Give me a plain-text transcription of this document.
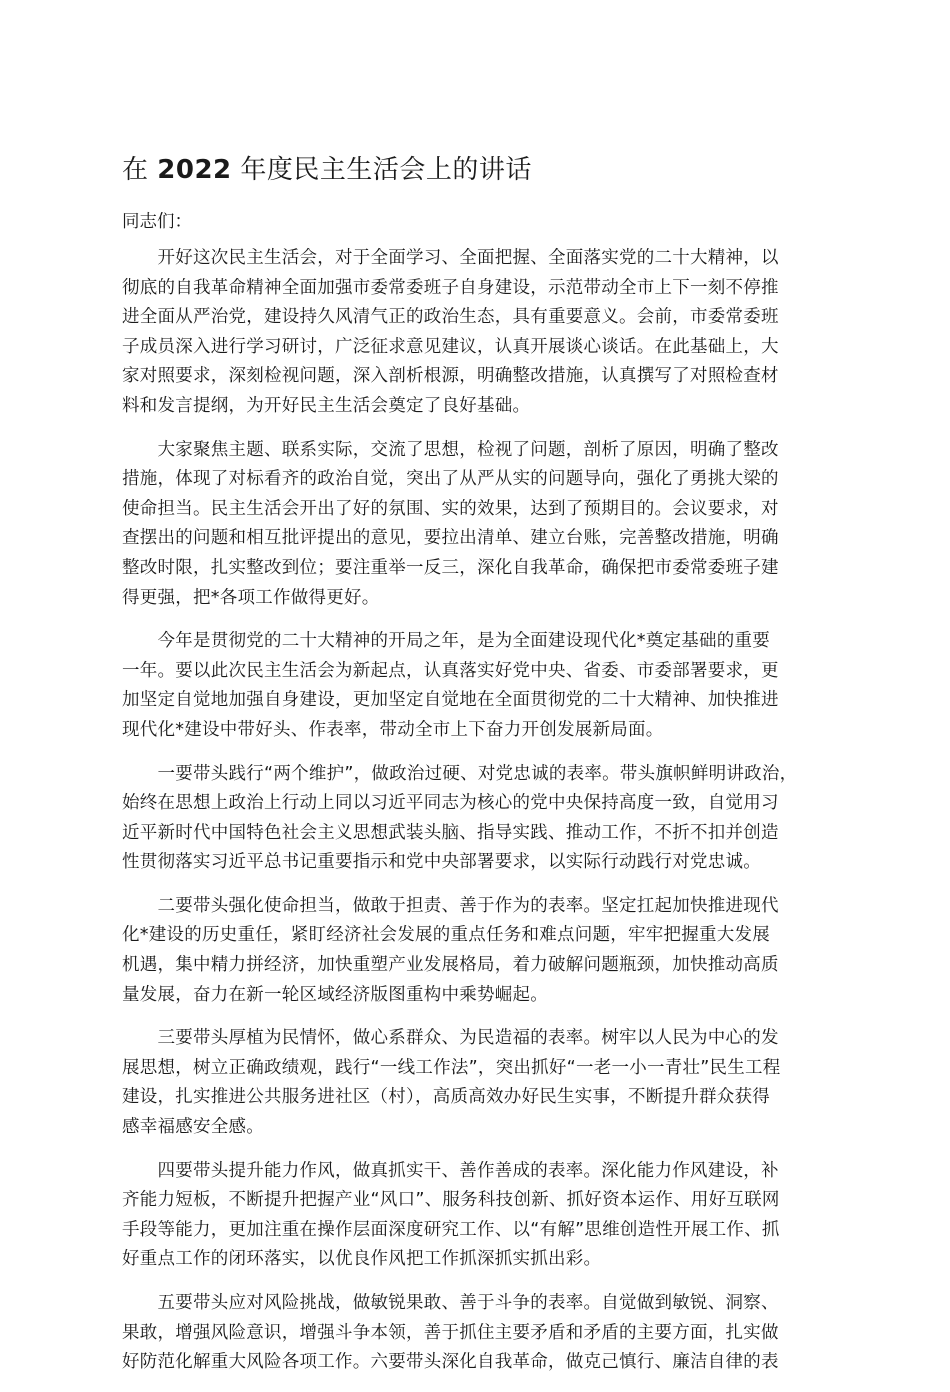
在 2022 年度民主生活会上的讲话

同志们：

　　开好这次民主生活会，对于全面学习、全面把握、全面落实党的二十大精神，以
彻底的自我革命精神全面加强市委常委班子自身建设，示范带动全市上下一刻不停推
进全面从严治党，建设持久风清气正的政治生态，具有重要意义。会前，市委常委班
子成员深入进行学习研讨，广泛征求意见建议，认真开展谈心谈话。在此基础上，大
家对照要求，深刻检视问题，深入剖析根源，明确整改措施，认真撰写了对照检查材
料和发言提纲，为开好民主生活会奠定了良好基础。

　　大家聚焦主题、联系实际，交流了思想，检视了问题，剖析了原因，明确了整改
措施，体现了对标看齐的政治自觉，突出了从严从实的问题导向，强化了勇挑大梁的
使命担当。民主生活会开出了好的氛围、实的效果，达到了预期目的。会议要求，对
查摆出的问题和相互批评提出的意见，要拉出清单、建立台账，完善整改措施，明确
整改时限，扎实整改到位；要注重举一反三，深化自我革命，确保把市委常委班子建
得更强，把*各项工作做得更好。

　　今年是贯彻党的二十大精神的开局之年，是为全面建设现代化*奠定基础的重要
一年。要以此次民主生活会为新起点，认真落实好党中央、省委、市委部署要求，更
加坚定自觉地加强自身建设，更加坚定自觉地在全面贯彻党的二十大精神、加快推进
现代化*建设中带好头、作表率，带动全市上下奋力开创发展新局面。

　　一要带头践行“两个维护”，做政治过硬、对党忠诚的表率。带头旗帜鲜明讲政治，
始终在思想上政治上行动上同以习近平同志为核心的党中央保持高度一致，自觉用习
近平新时代中国特色社会主义思想武装头脑、指导实践、推动工作，不折不扣并创造
性贯彻落实习近平总书记重要指示和党中央部署要求，以实际行动践行对党忠诚。

　　二要带头强化使命担当，做敢于担责、善于作为的表率。坚定扛起加快推进现代
化*建设的历史重任，紧盯经济社会发展的重点任务和难点问题，牢牢把握重大发展
机遇，集中精力拼经济，加快重塑产业发展格局，着力破解问题瓶颈，加快推动高质
量发展，奋力在新一轮区域经济版图重构中乘势崛起。

　　三要带头厚植为民情怀，做心系群众、为民造福的表率。树牢以人民为中心的发
展思想，树立正确政绩观，践行“一线工作法”，突出抓好“一老一小一青壮”民生工程
建设，扎实推进公共服务进社区（村），高质高效办好民生实事，不断提升群众获得
感幸福感安全感。

　　四要带头提升能力作风，做真抓实干、善作善成的表率。深化能力作风建设，补
齐能力短板，不断提升把握产业“风口”、服务科技创新、抓好资本运作、用好互联网
手段等能力，更加注重在操作层面深度研究工作、以“有解”思维创造性开展工作、抓
好重点工作的闭环落实，以优良作风把工作抓深抓实抓出彩。

　　五要带头应对风险挑战，做敏锐果敢、善于斗争的表率。自觉做到敏锐、洞察、
果敢，增强风险意识，增强斗争本领，善于抓住主要矛盾和矛盾的主要方面，扎实做
好防范化解重大风险各项工作。六要带头深化自我革命，做克己慎行、廉洁自律的表
